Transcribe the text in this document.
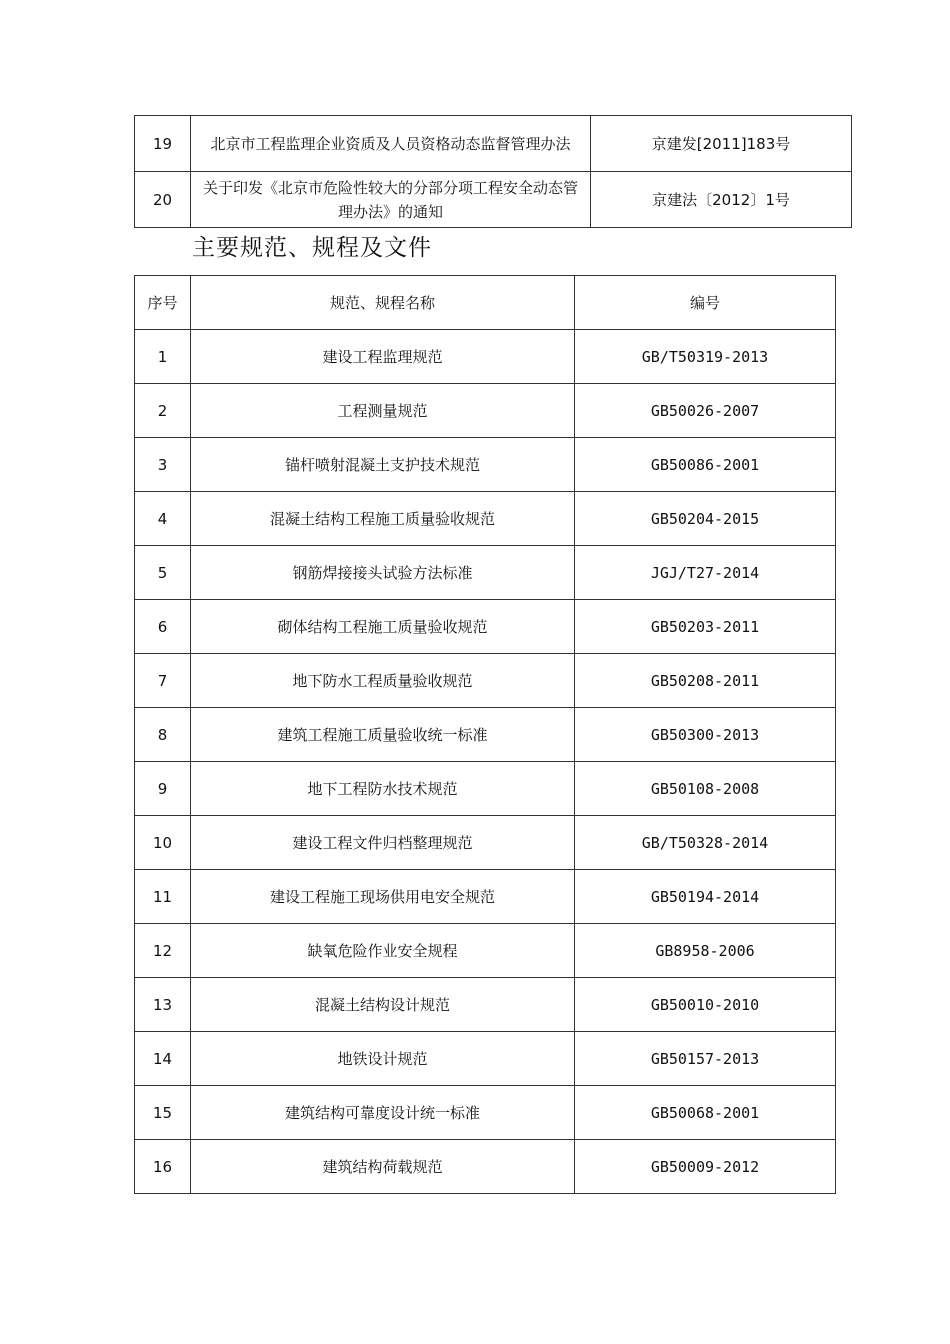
19	北京市工程监理企业资质及人员资格动态监督管理办法	京建发[2011]183号
20	关于印发《北京市危险性较大的分部分项工程安全动态管理办法》的通知	京建法〔2012〕1号
主要规范、规程及文件
序号	规范、规程名称	编号
1	建设工程监理规范	GB/T50319-2013
2	工程测量规范	GB50026-2007
3	锚杆喷射混凝土支护技术规范	GB50086-2001
4	混凝土结构工程施工质量验收规范	GB50204-2015
5	钢筋焊接接头试验方法标准	JGJ/T27-2014
6	砌体结构工程施工质量验收规范	GB50203-2011
7	地下防水工程质量验收规范	GB50208-2011
8	建筑工程施工质量验收统一标准	GB50300-2013
9	地下工程防水技术规范	GB50108-2008
10	建设工程文件归档整理规范	GB/T50328-2014
11	建设工程施工现场供用电安全规范	GB50194-2014
12	缺氧危险作业安全规程	GB8958-2006
13	混凝土结构设计规范	GB50010-2010
14	地铁设计规范	GB50157-2013
15	建筑结构可靠度设计统一标准	GB50068-2001
16	建筑结构荷载规范	GB50009-2012
